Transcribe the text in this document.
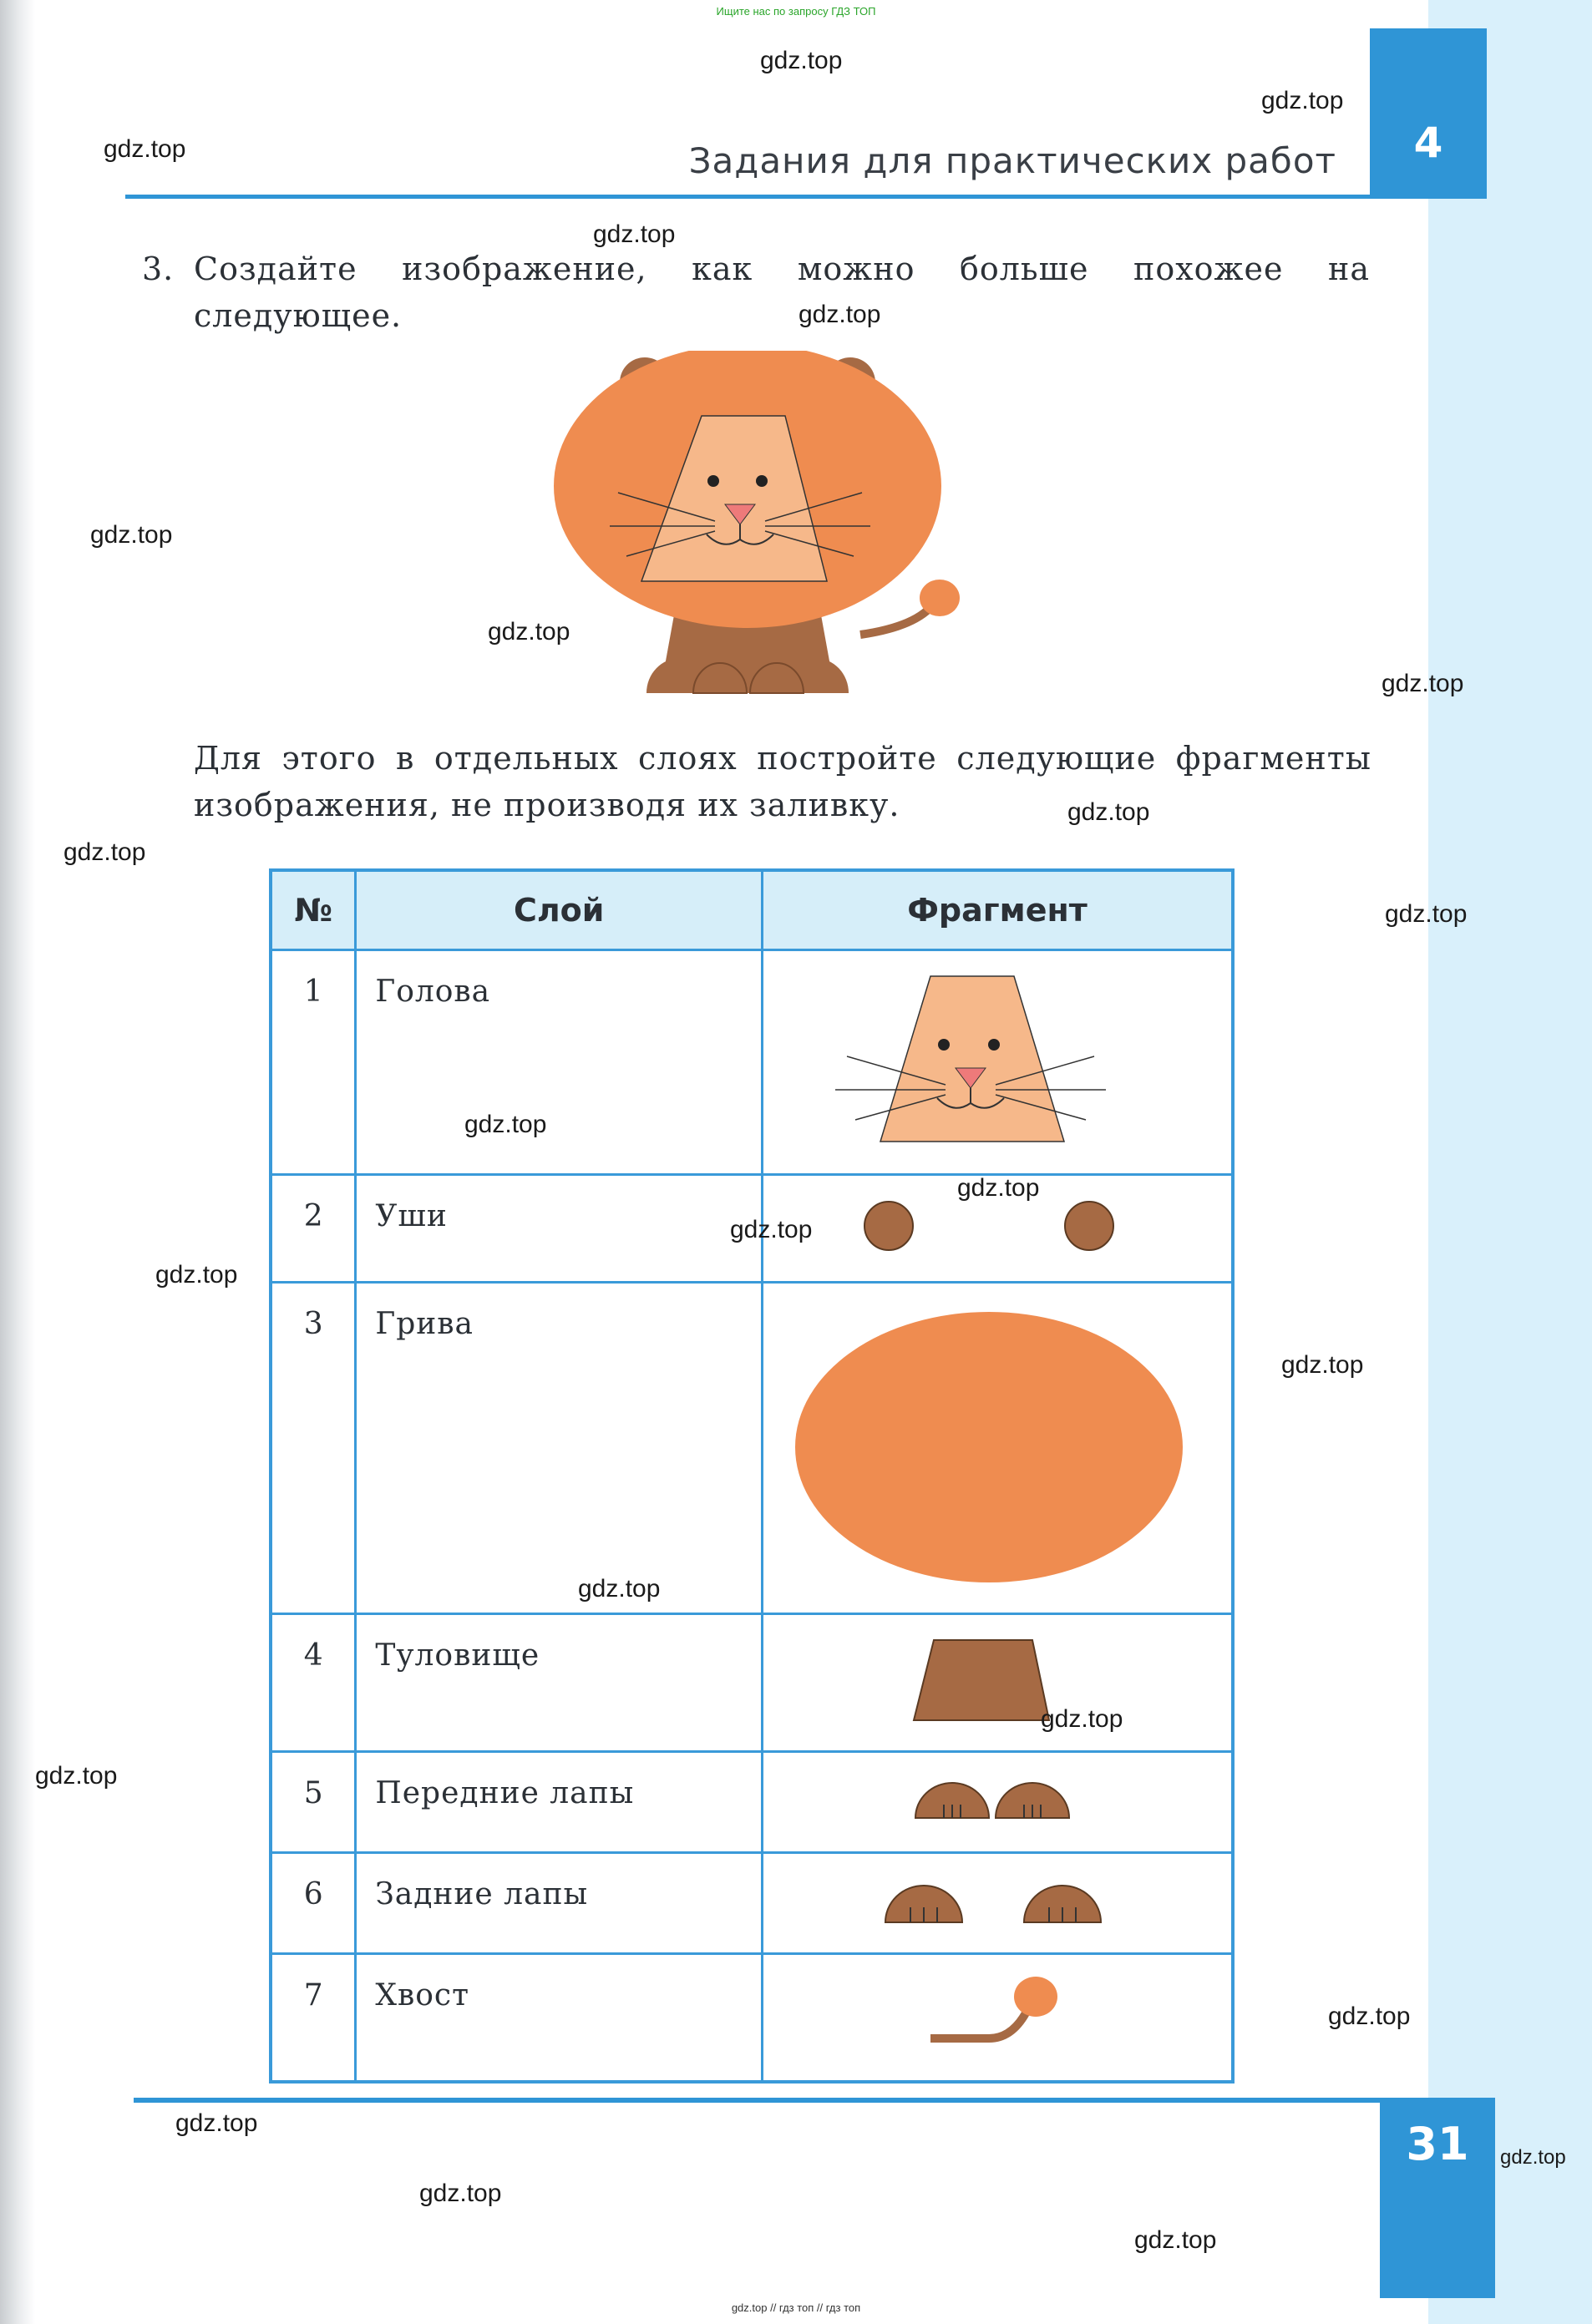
Ищите нас по запросу ГДЗ ТОП
4
Задания для практических работ
3. Создайте изображение, как можно больше похожее на следующее.
Для этого в отдельных слоях постройте следующие фрагменты изображения, не производя их заливку.
№	Слой	Фрагмент
1	Голова	
2	Уши	
3	Грива	
4	Туловище	
5	Передние лапы	
6	Задние лапы	
7	Хвост	
31
gdz.top
gdz.top
gdz.top
gdz.top
gdz.top
gdz.top
gdz.top
gdz.top
gdz.top
gdz.top
gdz.top
gdz.top
gdz.top
gdz.top
gdz.top
gdz.top
gdz.top
gdz.top
gdz.top
gdz.top
gdz.top
gdz.top
gdz.top
gdz.top
gdz.top // гдз топ // гдз топ
